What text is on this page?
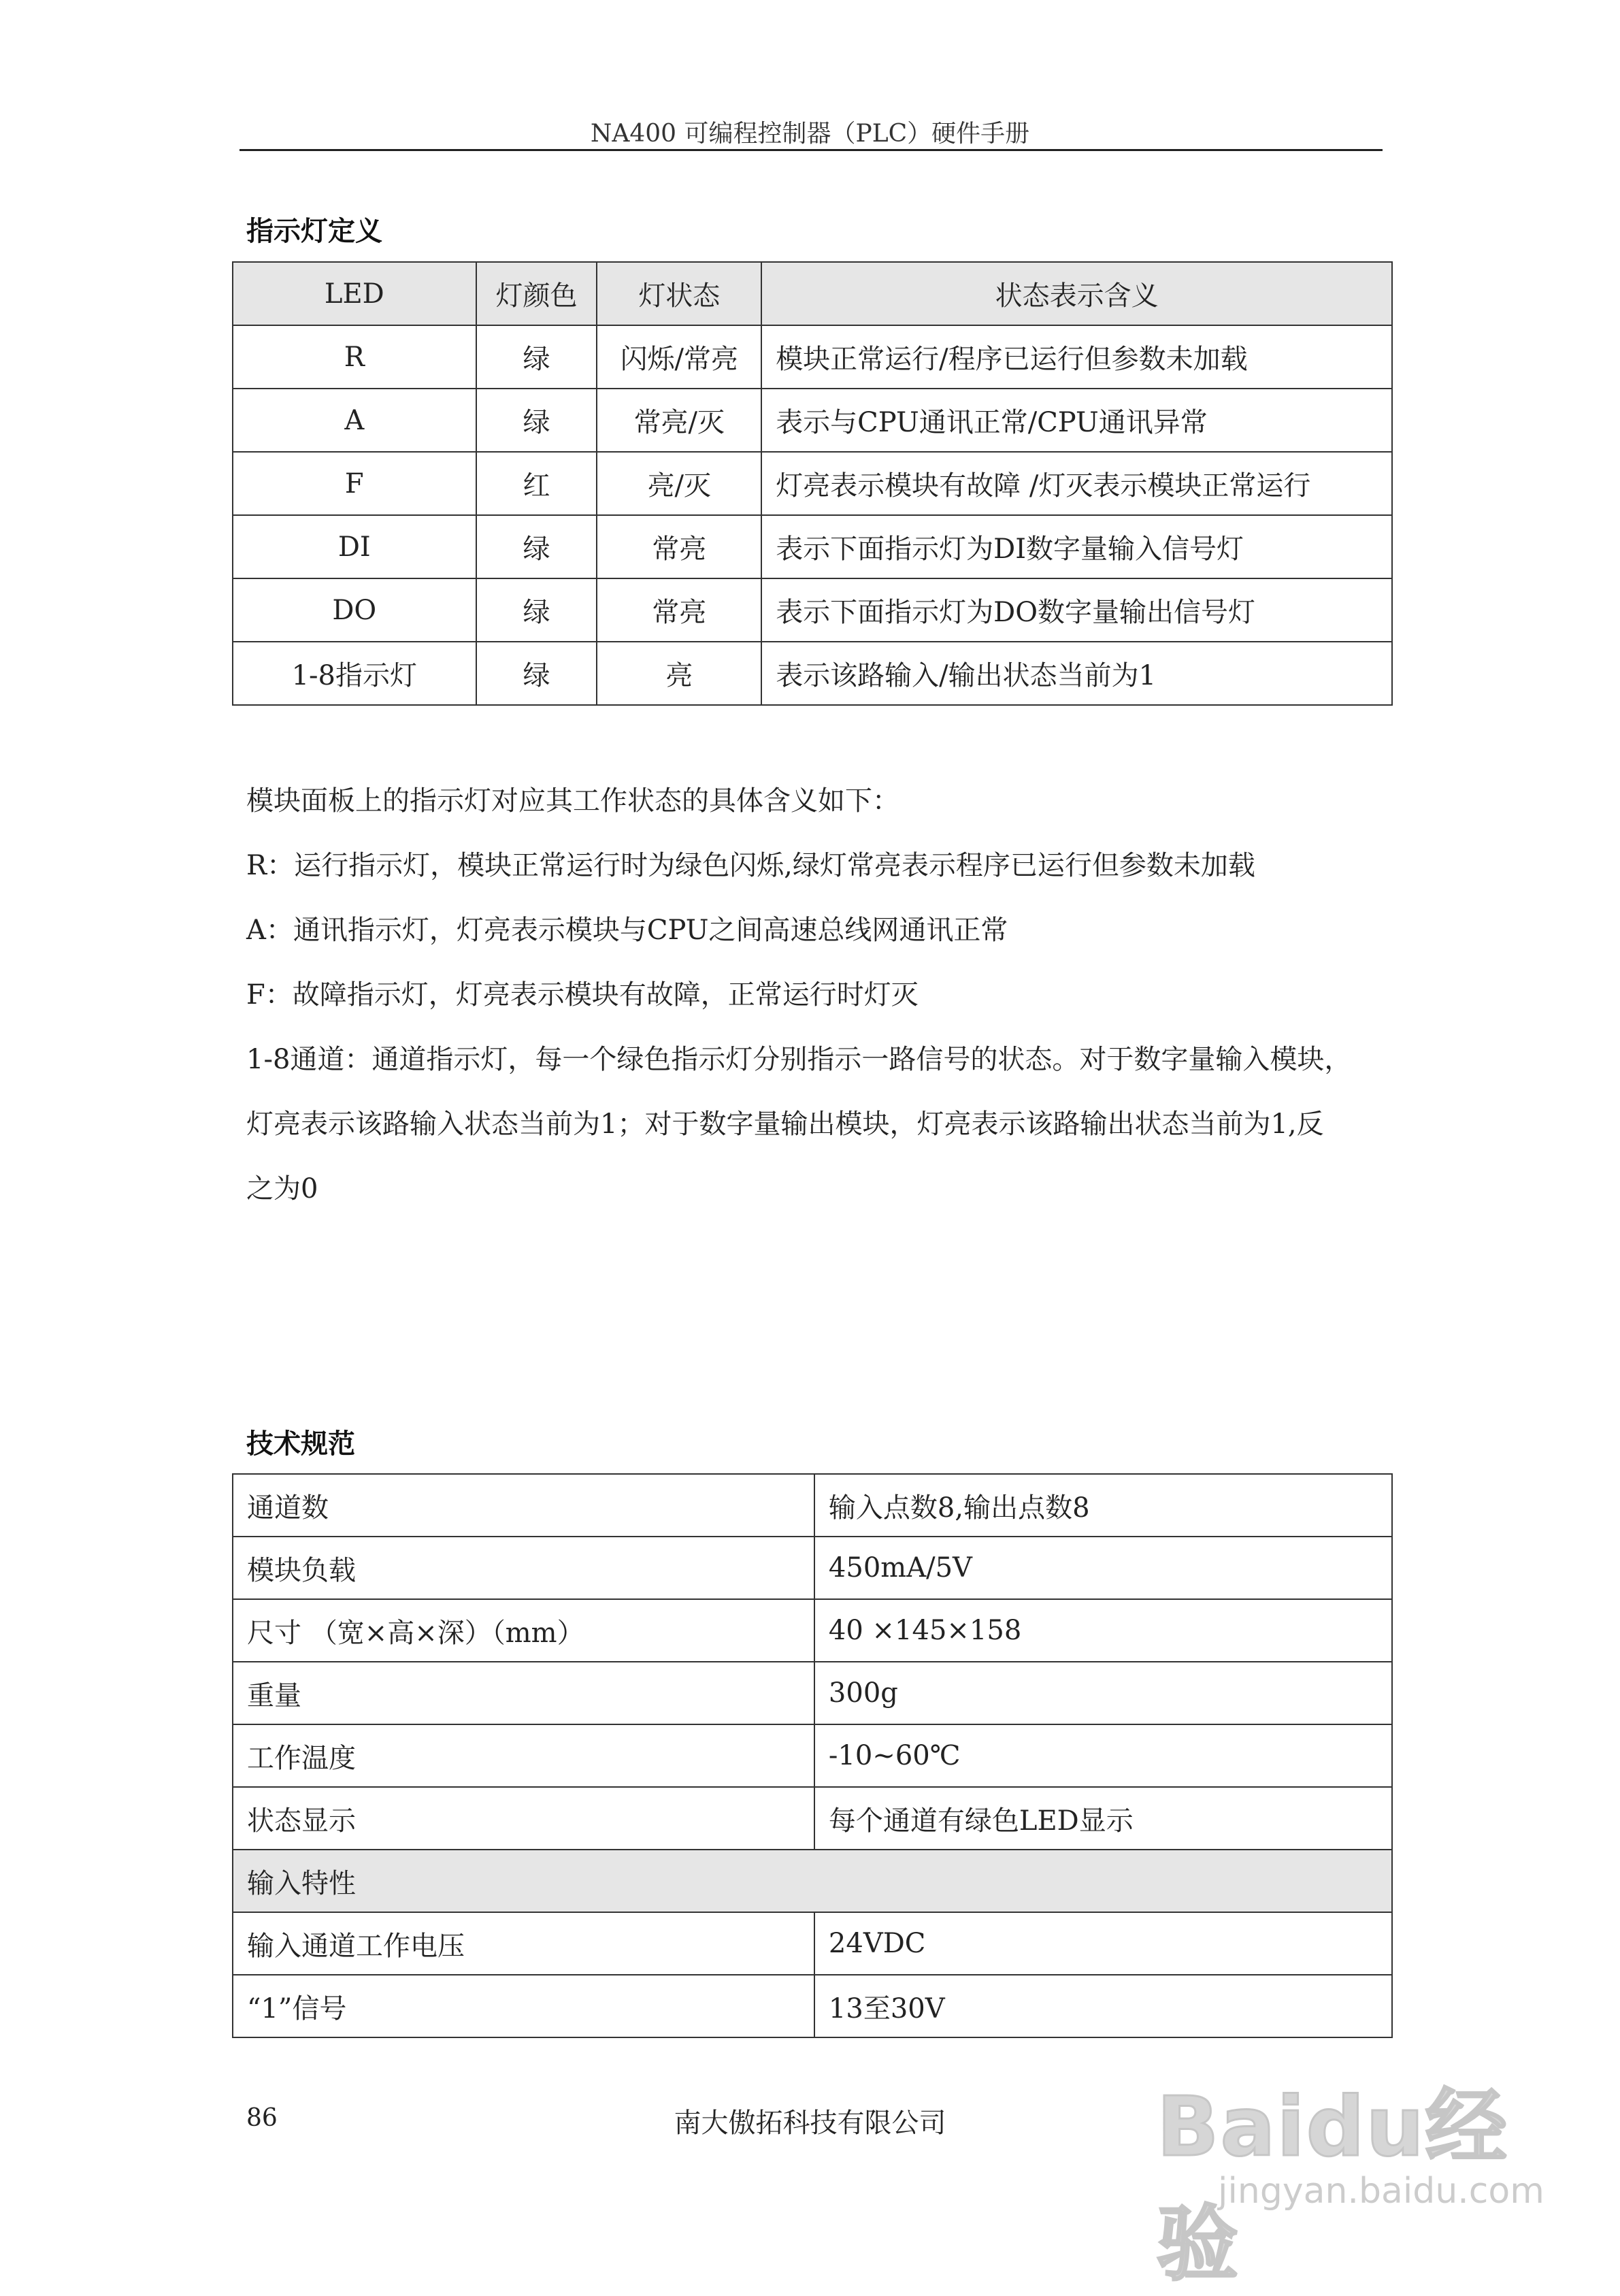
NA400 可编程控制器（PLC）硬件手册
指示灯定义
LED	灯颜色	灯状态	状态表示含义
R	绿	闪烁/常亮	模块正常运行/程序已运行但参数未加载
A	绿	常亮/灭	表示与CPU通讯正常/CPU通讯异常
F	红	亮/灭	灯亮表示模块有故障 /灯灭表示模块正常运行
DI	绿	常亮	表示下面指示灯为DI数字量输入信号灯
DO	绿	常亮	表示下面指示灯为DO数字量输出信号灯
1-8指示灯	绿	亮	表示该路输入/输出状态当前为1
模块面板上的指示灯对应其工作状态的具体含义如下：
R：运行指示灯，模块正常运行时为绿色闪烁,绿灯常亮表示程序已运行但参数未加载
A：通讯指示灯，灯亮表示模块与CPU之间高速总线网通讯正常
F：故障指示灯，灯亮表示模块有故障，正常运行时灯灭
1-8通道：通道指示灯，每一个绿色指示灯分别指示一路信号的状态。对于数字量输入模块，
灯亮表示该路输入状态当前为1；对于数字量输出模块，灯亮表示该路输出状态当前为1,反
之为0
技术规范
通道数	输入点数8,输出点数8
模块负载	450mA/5V
尺寸 （宽×高×深）（mm）	40 ×145×158
重量	300g
工作温度	-10~60℃
状态显示	每个通道有绿色LED显示
输入特性	
输入通道工作电压	24VDC
“1”信号	13至30V
86	南大傲拓科技有限公司	Baidu经验
jingyan.baidu.com
